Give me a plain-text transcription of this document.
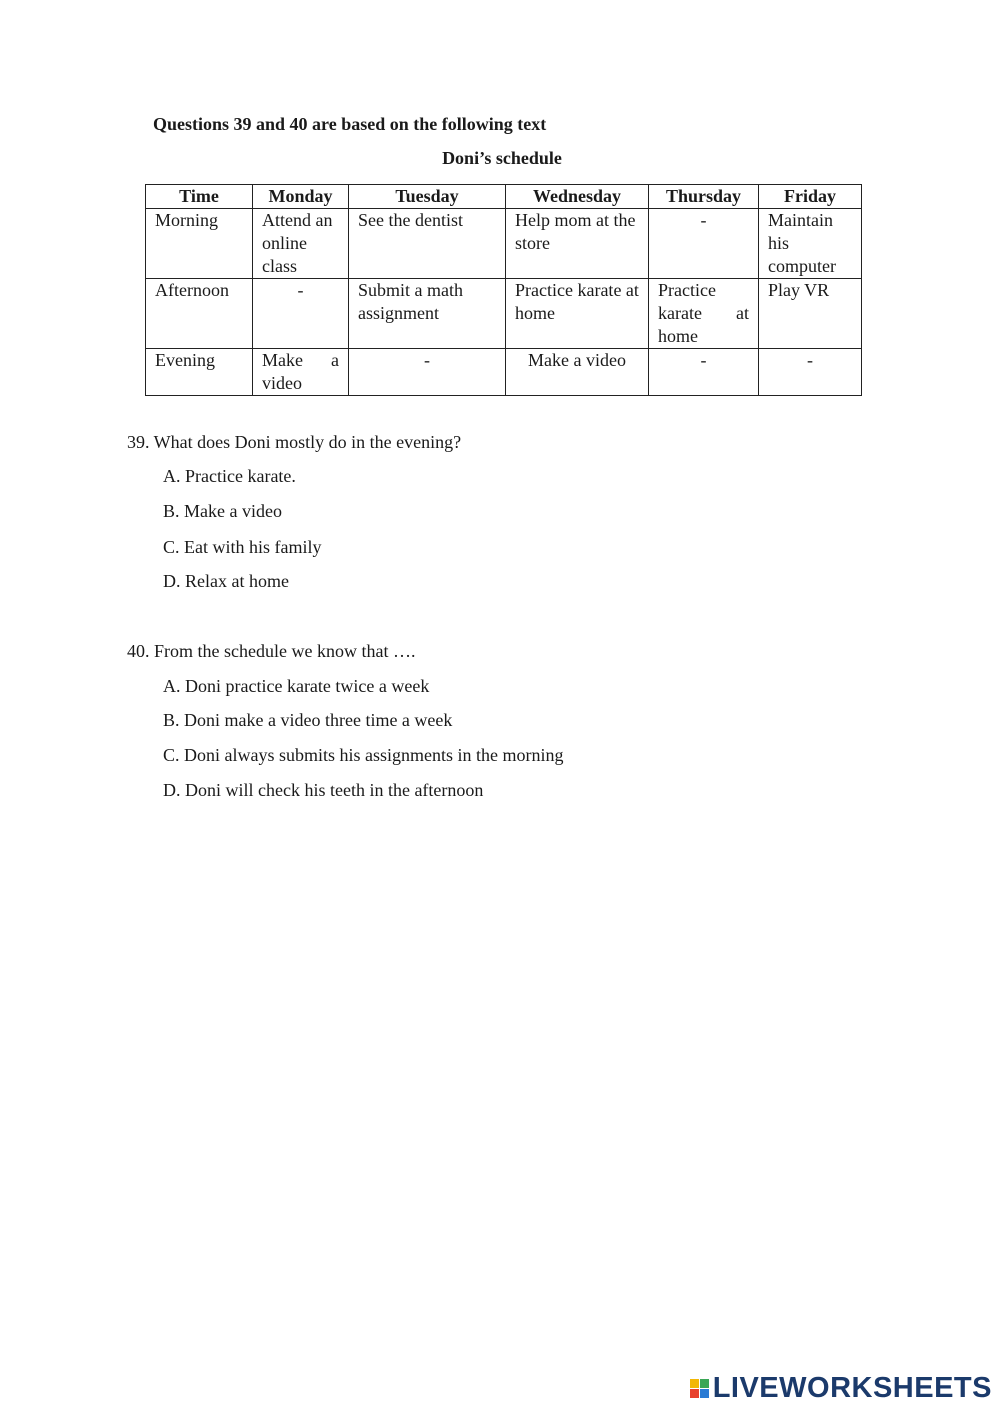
Questions 39 and 40 are based on the following text
Doni’s schedule
Time	Monday	Tuesday	Wednesday	Thursday	Friday
Morning	Attend an online class	See the dentist	Help mom at the store	-	Maintain his computer
Afternoon	-	Submit a math assignment	Practice karate at home	Practice karate at home	Play VR
Evening	Make a video	-	Make a video	-	-
39. What does Doni mostly do in the evening?
A. Practice karate.
B. Make a video
C. Eat with his family
D. Relax at home
40. From the schedule we know that ….
A. Doni practice karate twice a week
B. Doni make a video three time a week
C. Doni always submits his assignments in the morning
D. Doni will check his teeth in the afternoon
LIVEWORKSHEETS
